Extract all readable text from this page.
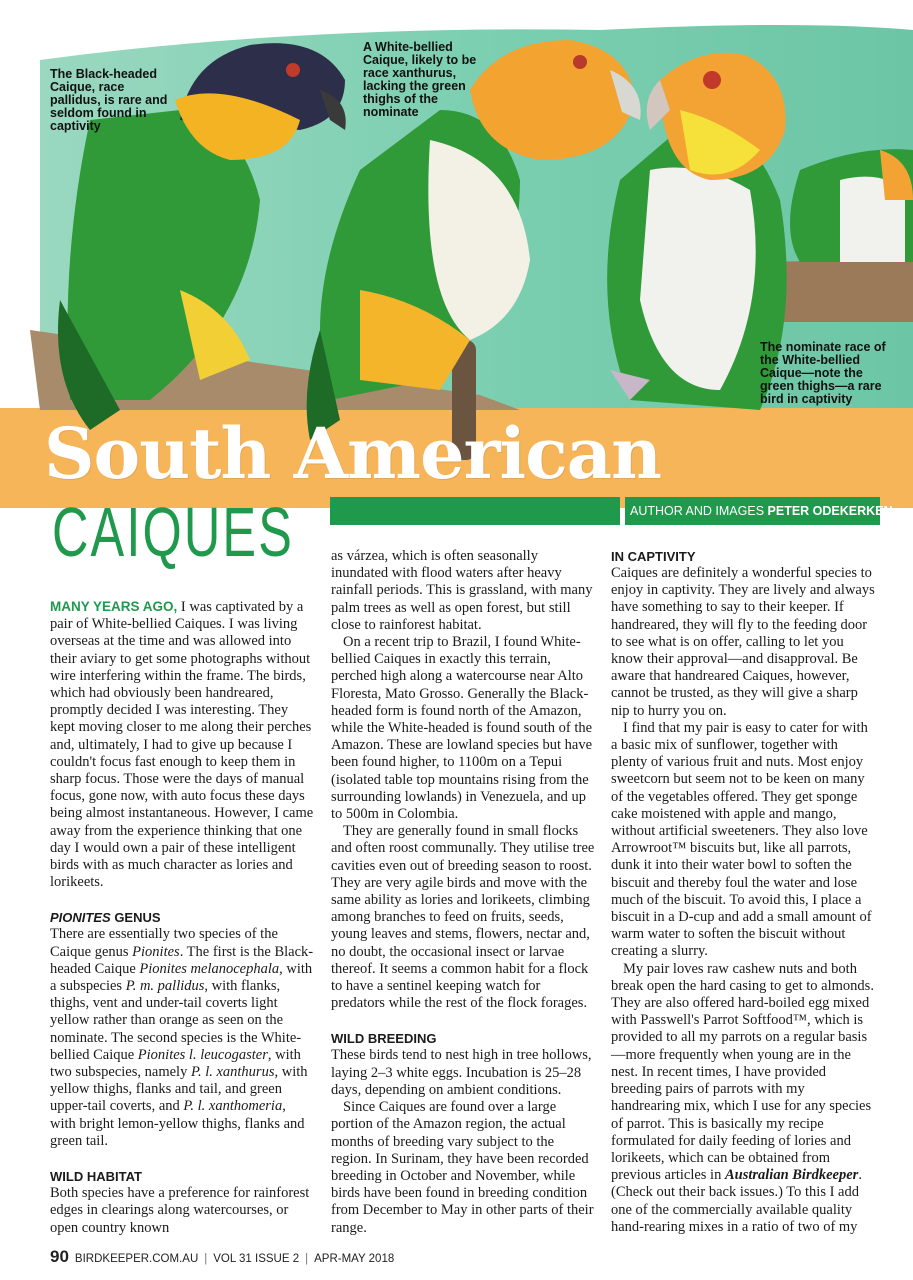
The Black-headed Caique, race pallidus, is rare and seldom found in captivity
A White-bellied Caique, likely to be race xanthurus, lacking the green thighs of the nominate
The nominate race of the White-bellied Caique—note the green thighs—a rare bird in captivity
South American
CAIQUES	AUTHOR AND IMAGES PETER ODEKERKEN

MANY YEARS AGO, I was captivated by a pair of White-bellied Caiques. I was living overseas at the time and was allowed into their aviary to get some photographs without wire interfering within the frame. The birds, which had obviously been handreared, promptly decided I was interesting. They kept moving closer to me along their perches and, ultimately, I had to give up because I couldn't focus fast enough to keep them in sharp focus. Those were the days of manual focus, gone now, with auto focus these days being almost instantaneous. However, I came away from the experience thinking that one day I would own a pair of these intelligent birds with as much character as lories and lorikeets.

PIONITES GENUS

There are essentially two species of the Caique genus Pionites. The first is the Black-headed Caique Pionites melanocephala, with a subspecies P. m. pallidus, with flanks, thighs, vent and under-tail coverts light yellow rather than orange as seen on the nominate. The second species is the White-bellied Caique Pionites l. leucogaster, with two subspecies, namely P. l. xanthurus, with yellow thighs, flanks and tail, and green upper-tail coverts, and P. l. xanthomeria, with bright lemon-yellow thighs, flanks and green tail.

WILD HABITAT

Both species have a preference for rainforest edges in clearings along watercourses, or open country known

as várzea, which is often seasonally inundated with flood waters after heavy rainfall periods. This is grassland, with many palm trees as well as open forest, but still close to rainforest habitat.

On a recent trip to Brazil, I found White-bellied Caiques in exactly this terrain, perched high along a watercourse near Alto Floresta, Mato Grosso. Generally the Black-headed form is found north of the Amazon, while the White-headed is found south of the Amazon. These are lowland species but have been found higher, to 1100m on a Tepui (isolated table top mountains rising from the surrounding lowlands) in Venezuela, and up to 500m in Colombia.

They are generally found in small flocks and often roost communally. They utilise tree cavities even out of breeding season to roost. They are very agile birds and move with the same ability as lories and lorikeets, climbing among branches to feed on fruits, seeds, young leaves and stems, flowers, nectar and, no doubt, the occasional insect or larvae thereof. It seems a common habit for a flock to have a sentinel keeping watch for predators while the rest of the flock forages.

WILD BREEDING

These birds tend to nest high in tree hollows, laying 2–3 white eggs. Incubation is 25–28 days, depending on ambient conditions.

Since Caiques are found over a large portion of the Amazon region, the actual months of breeding vary subject to the region. In Surinam, they have been recorded breeding in October and November, while birds have been found in breeding condition from December to May in other parts of their range.

IN CAPTIVITY

Caiques are definitely a wonderful species to enjoy in captivity. They are lively and always have something to say to their keeper. If handreared, they will fly to the feeding door to see what is on offer, calling to let you know their approval—and disapproval. Be aware that handreared Caiques, however, cannot be trusted, as they will give a sharp nip to hurry you on.

I find that my pair is easy to cater for with a basic mix of sunflower, together with plenty of various fruit and nuts. Most enjoy sweetcorn but seem not to be keen on many of the vegetables offered. They get sponge cake moistened with apple and mango, without artificial sweeteners. They also love Arrowroot™ biscuits but, like all parrots, dunk it into their water bowl to soften the biscuit and thereby foul the water and lose much of the biscuit. To avoid this, I place a biscuit in a D-cup and add a small amount of warm water to soften the biscuit without creating a slurry.

My pair loves raw cashew nuts and both break open the hard casing to get to almonds. They are also offered hard-boiled egg mixed with Passwell's Parrot Softfood™, which is provided to all my parrots on a regular basis—more frequently when young are in the nest. In recent times, I have provided breeding pairs of parrots with my handrearing mix, which I use for any species of parrot. This is basically my recipe formulated for daily feeding of lories and lorikeets, which can be obtained from previous articles in Australian Birdkeeper. (Check out their back issues.) To this I add one of the commercially available quality hand-rearing mixes in a ratio of two of my

90 BIRDKEEPER.COM.AU | VOL 31 ISSUE 2 | APR-MAY 2018
